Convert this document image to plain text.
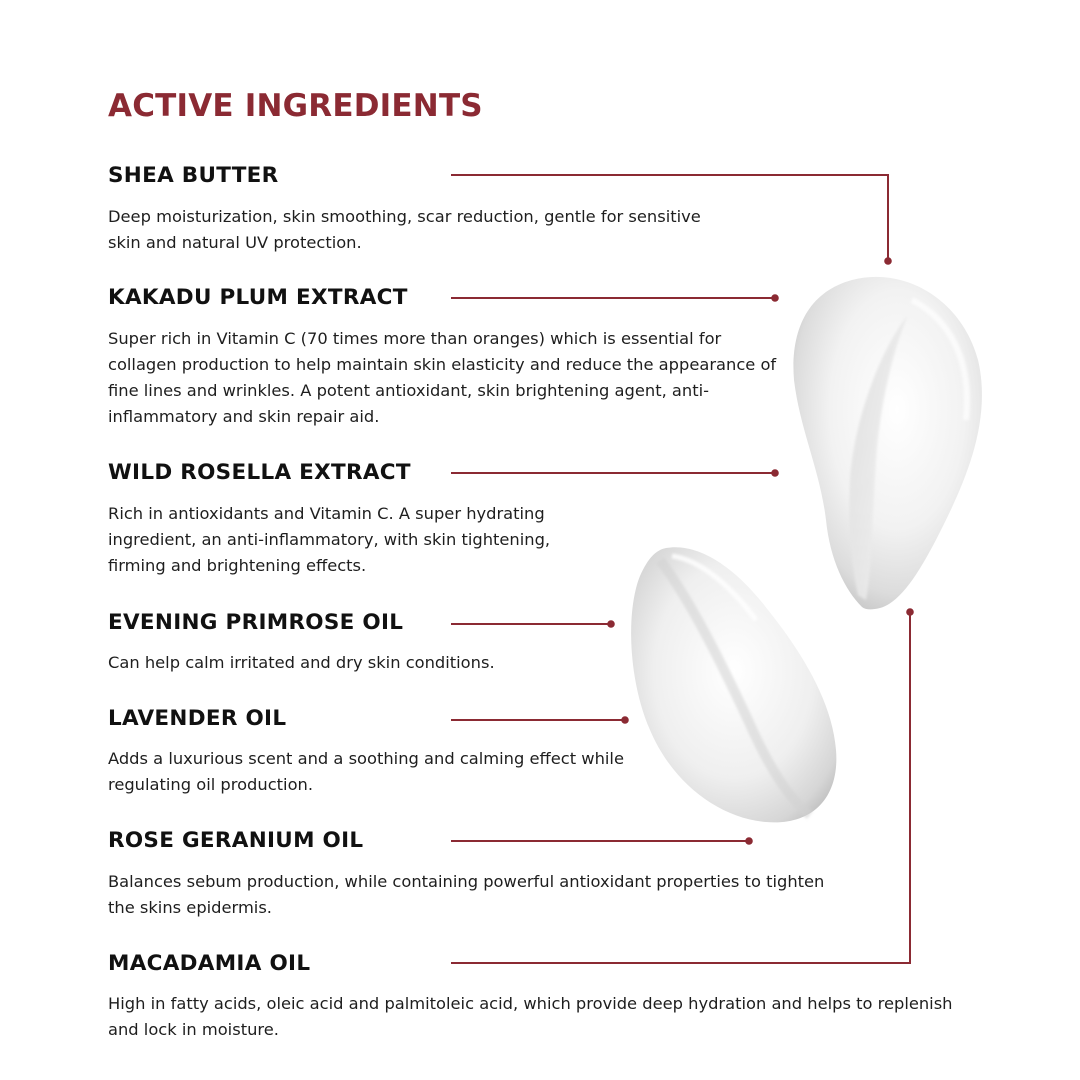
ACTIVE INGREDIENTS
SHEA BUTTER

Deep moisturization, skin smoothing, scar reduction, gentle for sensitive skin and natural UV protection.

KAKADU PLUM EXTRACT

Super rich in Vitamin C (70 times more than oranges) which is essential for collagen production to help maintain skin elasticity and reduce the appearance of fine lines and wrinkles. A potent antioxidant, skin brightening agent, anti-inflammatory and skin repair aid.

WILD ROSELLA EXTRACT

Rich in antioxidants and Vitamin C. A super hydrating ingredient, an anti-inflammatory, with skin tightening, firming and brightening effects.

EVENING PRIMROSE OIL

Can help calm irritated and dry skin conditions.

LAVENDER OIL

Adds a luxurious scent and a soothing and calming effect while regulating oil production.

ROSE GERANIUM OIL

Balances sebum production, while containing powerful antioxidant properties to tighten the skins epidermis.

MACADAMIA OIL

High in fatty acids, oleic acid and palmitoleic acid, which provide deep hydration and helps to replenish and lock in moisture.
